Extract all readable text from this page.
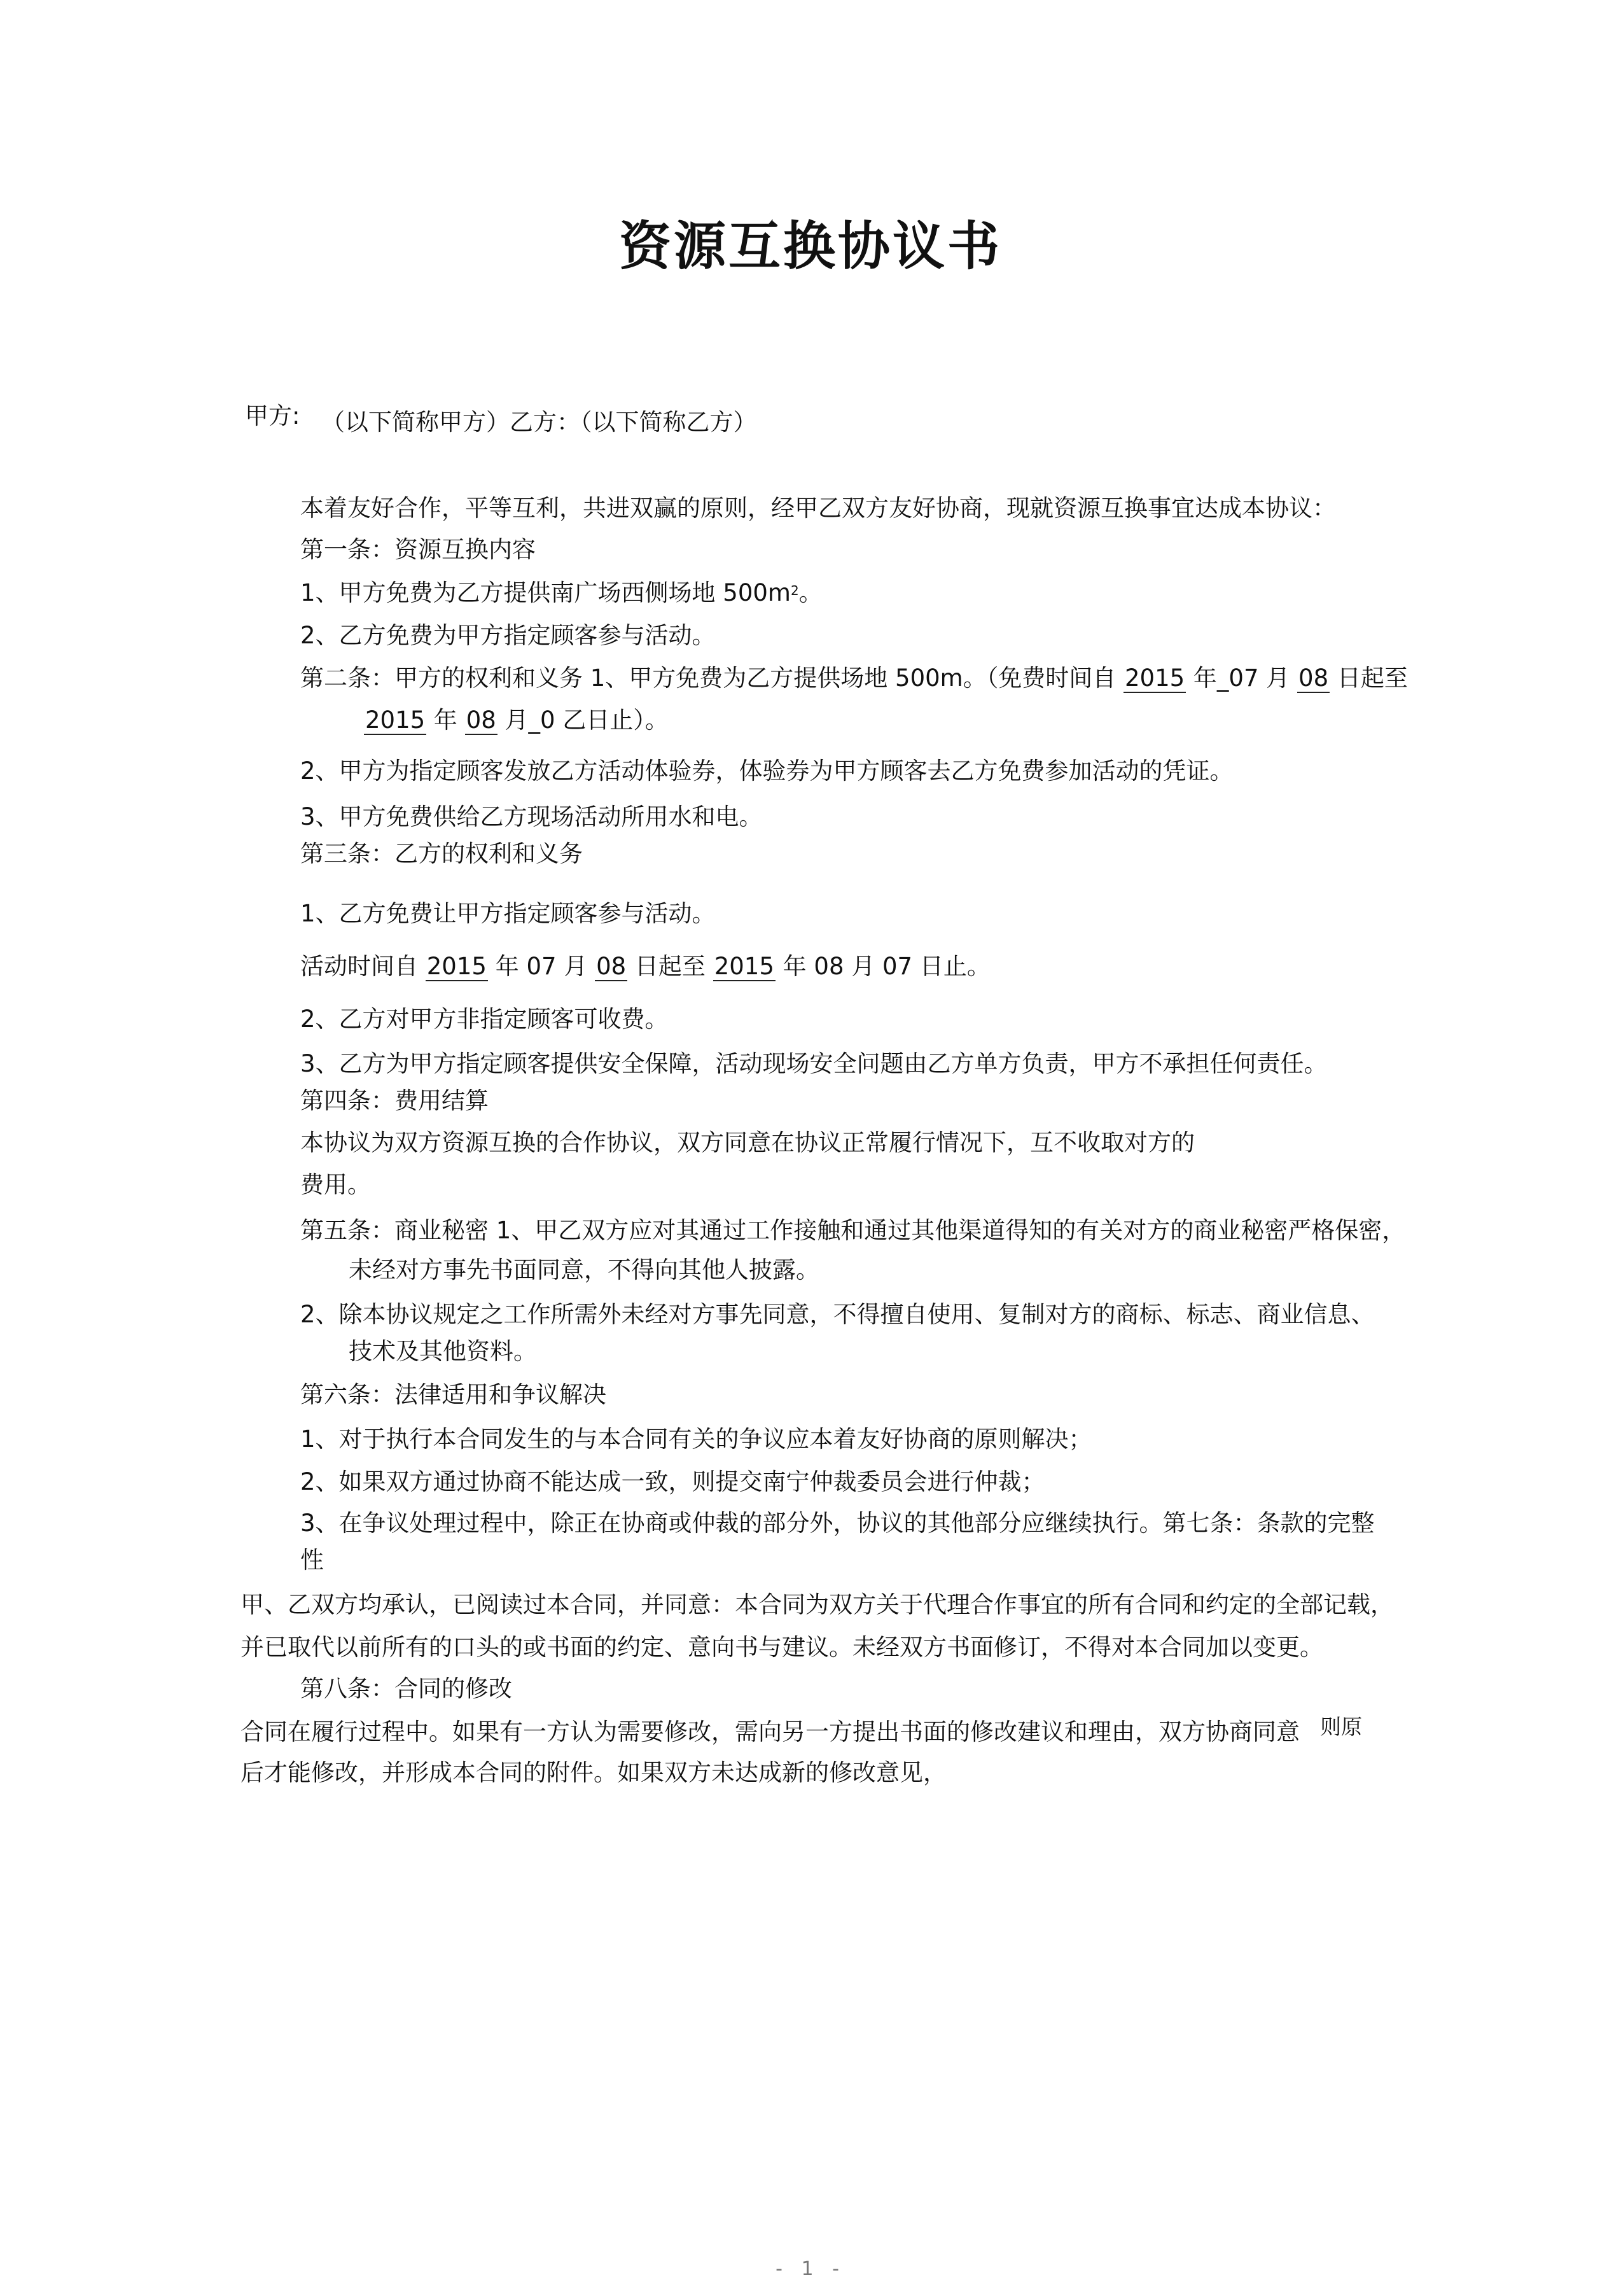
资源互换协议书
甲方: （以下简称甲方）乙方：（以下简称乙方）
本着友好合作，平等互利，共进双赢的原则，经甲乙双方友好协商，现就资源互换事宜达成本协议：
第一条：资源互换内容
1、甲方免费为乙方提供南广场西侧场地 $500m^2$。
2、乙方免费为甲方指定顾客参与活动。
第二条：甲方的权利和义务 1、甲方免费为乙方提供场地 500m。（免费时间自 2015 年_07 月 08 日起至
2015 年 08 月_0 乙日止）。
2、甲方为指定顾客发放乙方活动体验券，体验券为甲方顾客去乙方免费参加活动的凭证。
3、甲方免费供给乙方现场活动所用水和电。
第三条：乙方的权利和义务
1、乙方免费让甲方指定顾客参与活动。
活动时间自 2015 年 07 月 08 日起至 2015 年 08 月 07 日止。
2、乙方对甲方非指定顾客可收费。
3、乙方为甲方指定顾客提供安全保障，活动现场安全问题由乙方单方负责，甲方不承担任何责任。
第四条：费用结算
本协议为双方资源互换的合作协议，双方同意在协议正常履行情况下，互不收取对方的
费用。
第五条：商业秘密 1、甲乙双方应对其通过工作接触和通过其他渠道得知的有关对方的商业秘密严格保密，
未经对方事先书面同意，不得向其他人披露。
2、除本协议规定之工作所需外未经对方事先同意，不得擅自使用、复制对方的商标、标志、商业信息、
技术及其他资料。
第六条：法律适用和争议解决
1、对于执行本合同发生的与本合同有关的争议应本着友好协商的原则解决；
2、如果双方通过协商不能达成一致，则提交南宁仲裁委员会进行仲裁；
3、在争议处理过程中，除正在协商或仲裁的部分外，协议的其他部分应继续执行。第七条：条款的完整
性
甲、乙双方均承认，已阅读过本合同，并同意：本合同为双方关于代理合作事宜的所有合同和约定的全部记载，
并已取代以前所有的口头的或书面的约定、意向书与建议。未经双方书面修订，不得对本合同加以变更。
第八条：合同的修改
合同在履行过程中。如果有一方认为需要修改，需向另一方提出书面的修改建议和理由，双方协商同意 则原
后才能修改，并形成本合同的附件。如果双方未达成新的修改意见，
- 1 -
